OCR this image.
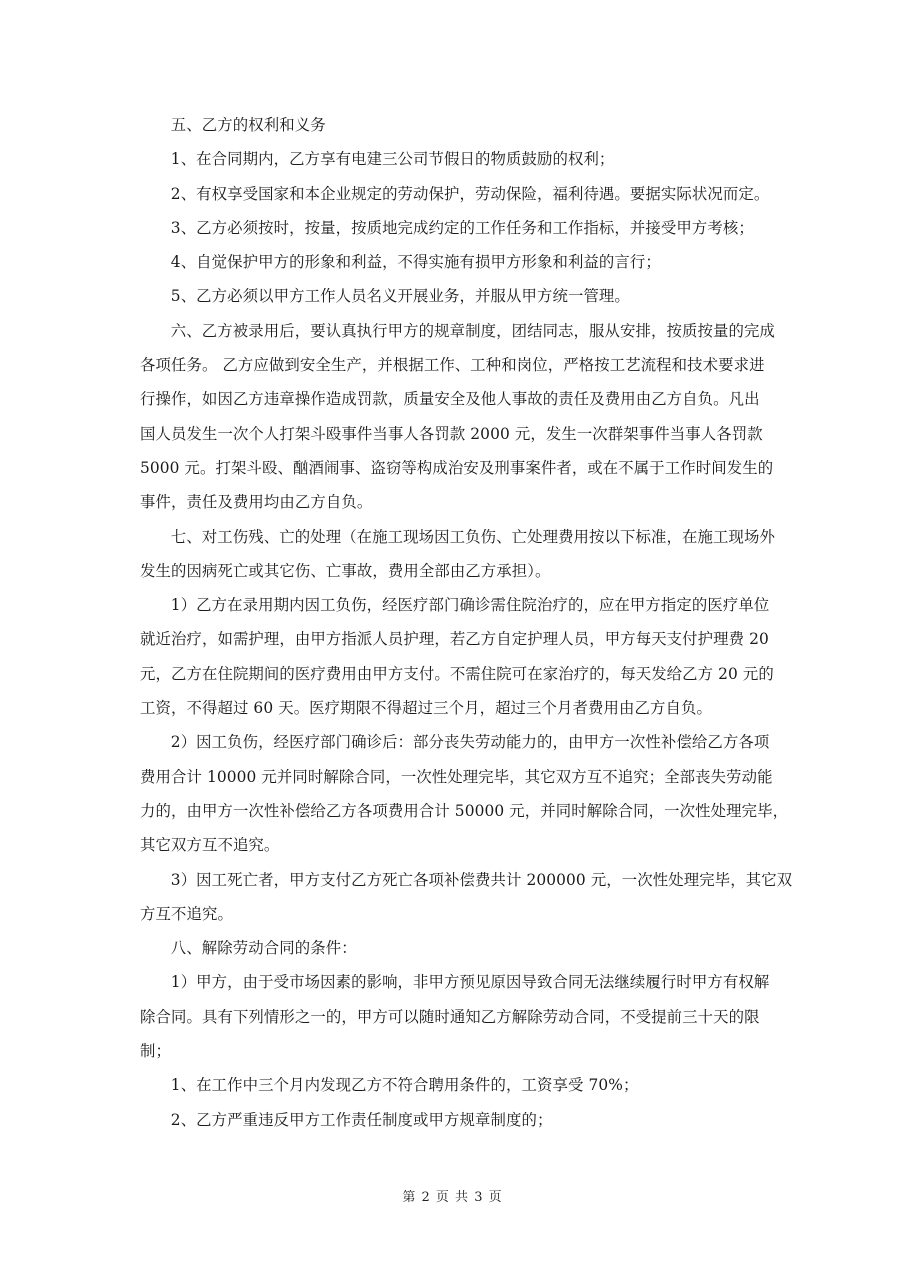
五、乙方的权利和义务
1、在合同期内，乙方享有电建三公司节假日的物质鼓励的权利；
2、有权享受国家和本企业规定的劳动保护，劳动保险，福利待遇。要据实际状况而定。
3、乙方必须按时，按量，按质地完成约定的工作任务和工作指标，并接受甲方考核；
4、自觉保护甲方的形象和利益，不得实施有损甲方形象和利益的言行；
5、乙方必须以甲方工作人员名义开展业务，并服从甲方统一管理。
六、乙方被录用后，要认真执行甲方的规章制度，团结同志，服从安排，按质按量的完成
各项任务。 乙方应做到安全生产，并根据工作、工种和岗位，严格按工艺流程和技术要求进
行操作，如因乙方违章操作造成罚款，质量安全及他人事故的责任及费用由乙方自负。凡出
国人员发生一次个人打架斗殴事件当事人各罚款 2000 元，发生一次群架事件当事人各罚款
5000 元。打架斗殴、酗酒闹事、盗窃等构成治安及刑事案件者，或在不属于工作时间发生的
事件，责任及费用均由乙方自负。
七、对工伤残、亡的处理（在施工现场因工负伤、亡处理费用按以下标准，在施工现场外
发生的因病死亡或其它伤、亡事故，费用全部由乙方承担）。
1）乙方在录用期内因工负伤，经医疗部门确诊需住院治疗的，应在甲方指定的医疗单位
就近治疗，如需护理，由甲方指派人员护理，若乙方自定护理人员，甲方每天支付护理费 20
元，乙方在住院期间的医疗费用由甲方支付。不需住院可在家治疗的，每天发给乙方 20 元的
工资，不得超过 60 天。医疗期限不得超过三个月，超过三个月者费用由乙方自负。
2）因工负伤，经医疗部门确诊后：部分丧失劳动能力的，由甲方一次性补偿给乙方各项
费用合计 10000 元并同时解除合同，一次性处理完毕，其它双方互不追究；全部丧失劳动能
力的，由甲方一次性补偿给乙方各项费用合计 50000 元，并同时解除合同，一次性处理完毕，
其它双方互不追究。
3）因工死亡者，甲方支付乙方死亡各项补偿费共计 200000 元，一次性处理完毕，其它双
方互不追究。
八、解除劳动合同的条件：
1）甲方，由于受市场因素的影响，非甲方预见原因导致合同无法继续履行时甲方有权解
除合同。具有下列情形之一的，甲方可以随时通知乙方解除劳动合同，不受提前三十天的限
制；
1、在工作中三个月内发现乙方不符合聘用条件的，工资享受 70%；
2、乙方严重违反甲方工作责任制度或甲方规章制度的；
第 2 页 共 3 页
